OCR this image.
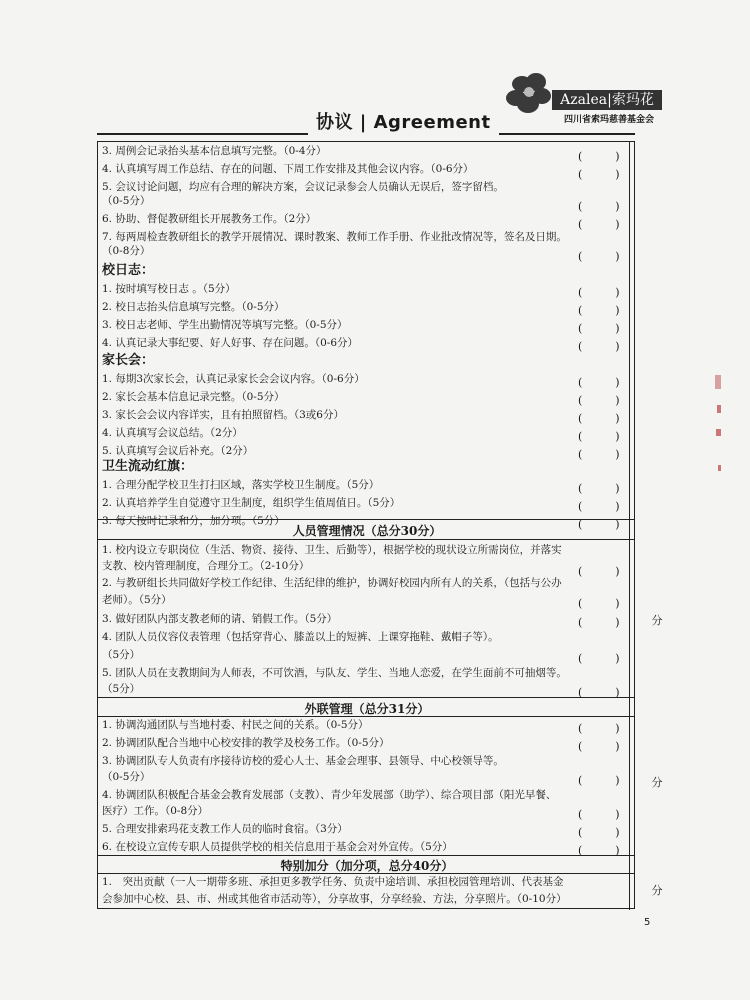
Azalea|索玛花
四川省索玛慈善基金会
协议 | Agreement
3. 周例会记录抬头基本信息填写完整。（0-4分）	(　　　)
4. 认真填写周工作总结、存在的问题、下周工作安排及其他会议内容。（0-6分）	(　　　)
5. 会议讨论问题，均应有合理的解决方案，会议记录参会人员确认无误后，签字留档。
（0-5分）	(　　　)
6. 协助、督促教研组长开展教务工作。（2分）	(　　　)
7. 每两周检查教研组长的教学开展情况、课时教案、教师工作手册、作业批改情况等，签名及日期。
（0-8分）	(　　　)
校日志：
1. 按时填写校日志 。（5分）	(　　　)
2. 校日志抬头信息填写完整。（0-5分）	(　　　)
3. 校日志老师、学生出勤情况等填写完整。（0-5分）	(　　　)
4. 认真记录大事纪要、好人好事、存在问题。（0-6分）	(　　　)
家长会：
1. 每期3次家长会，认真记录家长会会议内容。（0-6分）	(　　　)
2. 家长会基本信息记录完整。（0-5分）	(　　　)
3. 家长会会议内容详实，且有拍照留档。（3或6分）	(　　　)
4. 认真填写会议总结。（2分）	(　　　)
5. 认真填写会议后补充。（2分）	(　　　)
卫生流动红旗：
1. 合理分配学校卫生打扫区域，落实学校卫生制度。（5分）	(　　　)
2. 认真培养学生自觉遵守卫生制度，组织学生值周值日。（5分）	(　　　)
3. 每天按时记录和分，加分项。（5分）	(　　　)
人员管理情况（总分30分）
1. 校内设立专职岗位（生活、物资、接待、卫生、后勤等），根据学校的现状设立所需岗位，并落实
支教、校内管理制度，合理分工。（2-10分）	(　　　)
2. 与教研组长共同做好学校工作纪律、生活纪律的维护，协调好校园内所有人的关系，（包括与公办
老师）。（5分）	(　　　)
3. 做好团队内部支教老师的请、销假工作。（5分）	(　　　)
4. 团队人员仪容仪表管理（包括穿背心、膝盖以上的短裤、上课穿拖鞋、戴帽子等）。
（5分）	(　　　)
5. 团队人员在支教期间为人师表，不可饮酒，与队友、学生、当地人恋爱，在学生面前不可抽烟等。
（5分）	(　　　)
分
外联管理（总分31分）
1. 协调沟通团队与当地村委、村民之间的关系。（0-5分）	(　　　)
2. 协调团队配合当地中心校安排的教学及校务工作。（0-5分）	(　　　)
3. 协调团队专人负责有序接待访校的爱心人士、基金会理事、县领导、中心校领导等。
（0-5分）	(　　　)
4. 协调团队积极配合基金会教育发展部（支教）、青少年发展部（助学）、综合项目部（阳光早餐、
医疗）工作。（0-8分）	(　　　)
5. 合理安排索玛花支教工作人员的临时食宿。（3分）	(　　　)
6. 在校设立宣传专职人员提供学校的相关信息用于基金会对外宣传。（5分）	(　　　)
分
特别加分（加分项，总分40分）
1.　突出贡献（一人一期带多班、承担更多教学任务、负责中途培训、承担校园管理培训、代表基金
会参加中心校、县、市、州或其他省市活动等），分享故事，分享经验、方法，分享照片。（0-10分）
分
5
